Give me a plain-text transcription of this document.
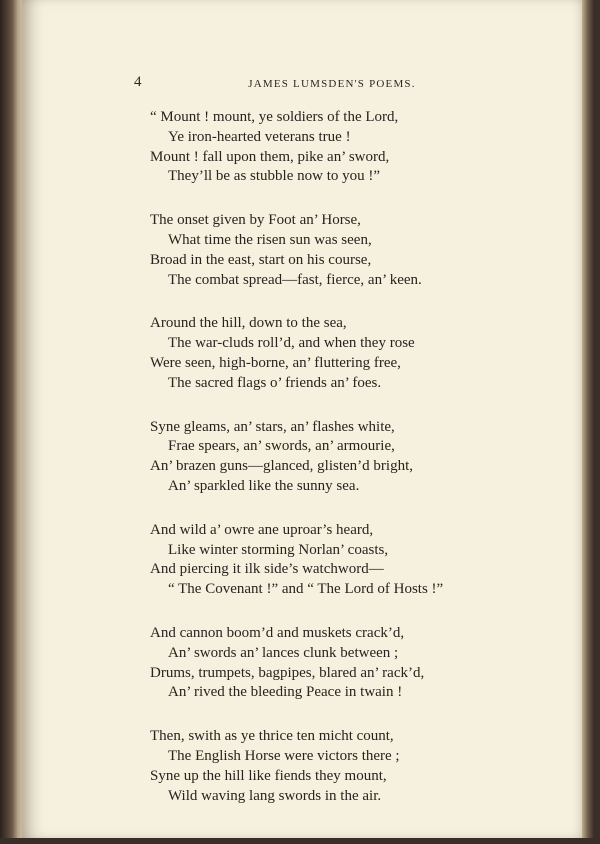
4	JAMES LUMSDEN'S POEMS.
“ Mount ! mount, ye soldiers of the Lord,
Ye iron-hearted veterans true !
Mount ! fall upon them, pike an’ sword,
They’ll be as stubble now to you !”
The onset given by Foot an’ Horse,
What time the risen sun was seen,
Broad in the east, start on his course,
The combat spread—fast, fierce, an’ keen.
Around the hill, down to the sea,
The war-cluds roll’d, and when they rose
Were seen, high-borne, an’ fluttering free,
The sacred flags o’ friends an’ foes.
Syne gleams, an’ stars, an’ flashes white,
Frae spears, an’ swords, an’ armourie,
An’ brazen guns—glanced, glisten’d bright,
An’ sparkled like the sunny sea.
And wild a’ owre ane uproar’s heard,
Like winter storming Norlan’ coasts,
And piercing it ilk side’s watchword—
“ The Covenant !” and “ The Lord of Hosts !”
And cannon boom’d and muskets crack’d,
An’ swords an’ lances clunk between ;
Drums, trumpets, bagpipes, blared an’ rack’d,
An’ rived the bleeding Peace in twain !
Then, swith as ye thrice ten micht count,
The English Horse were victors there ;
Syne up the hill like fiends they mount,
Wild waving lang swords in the air.
